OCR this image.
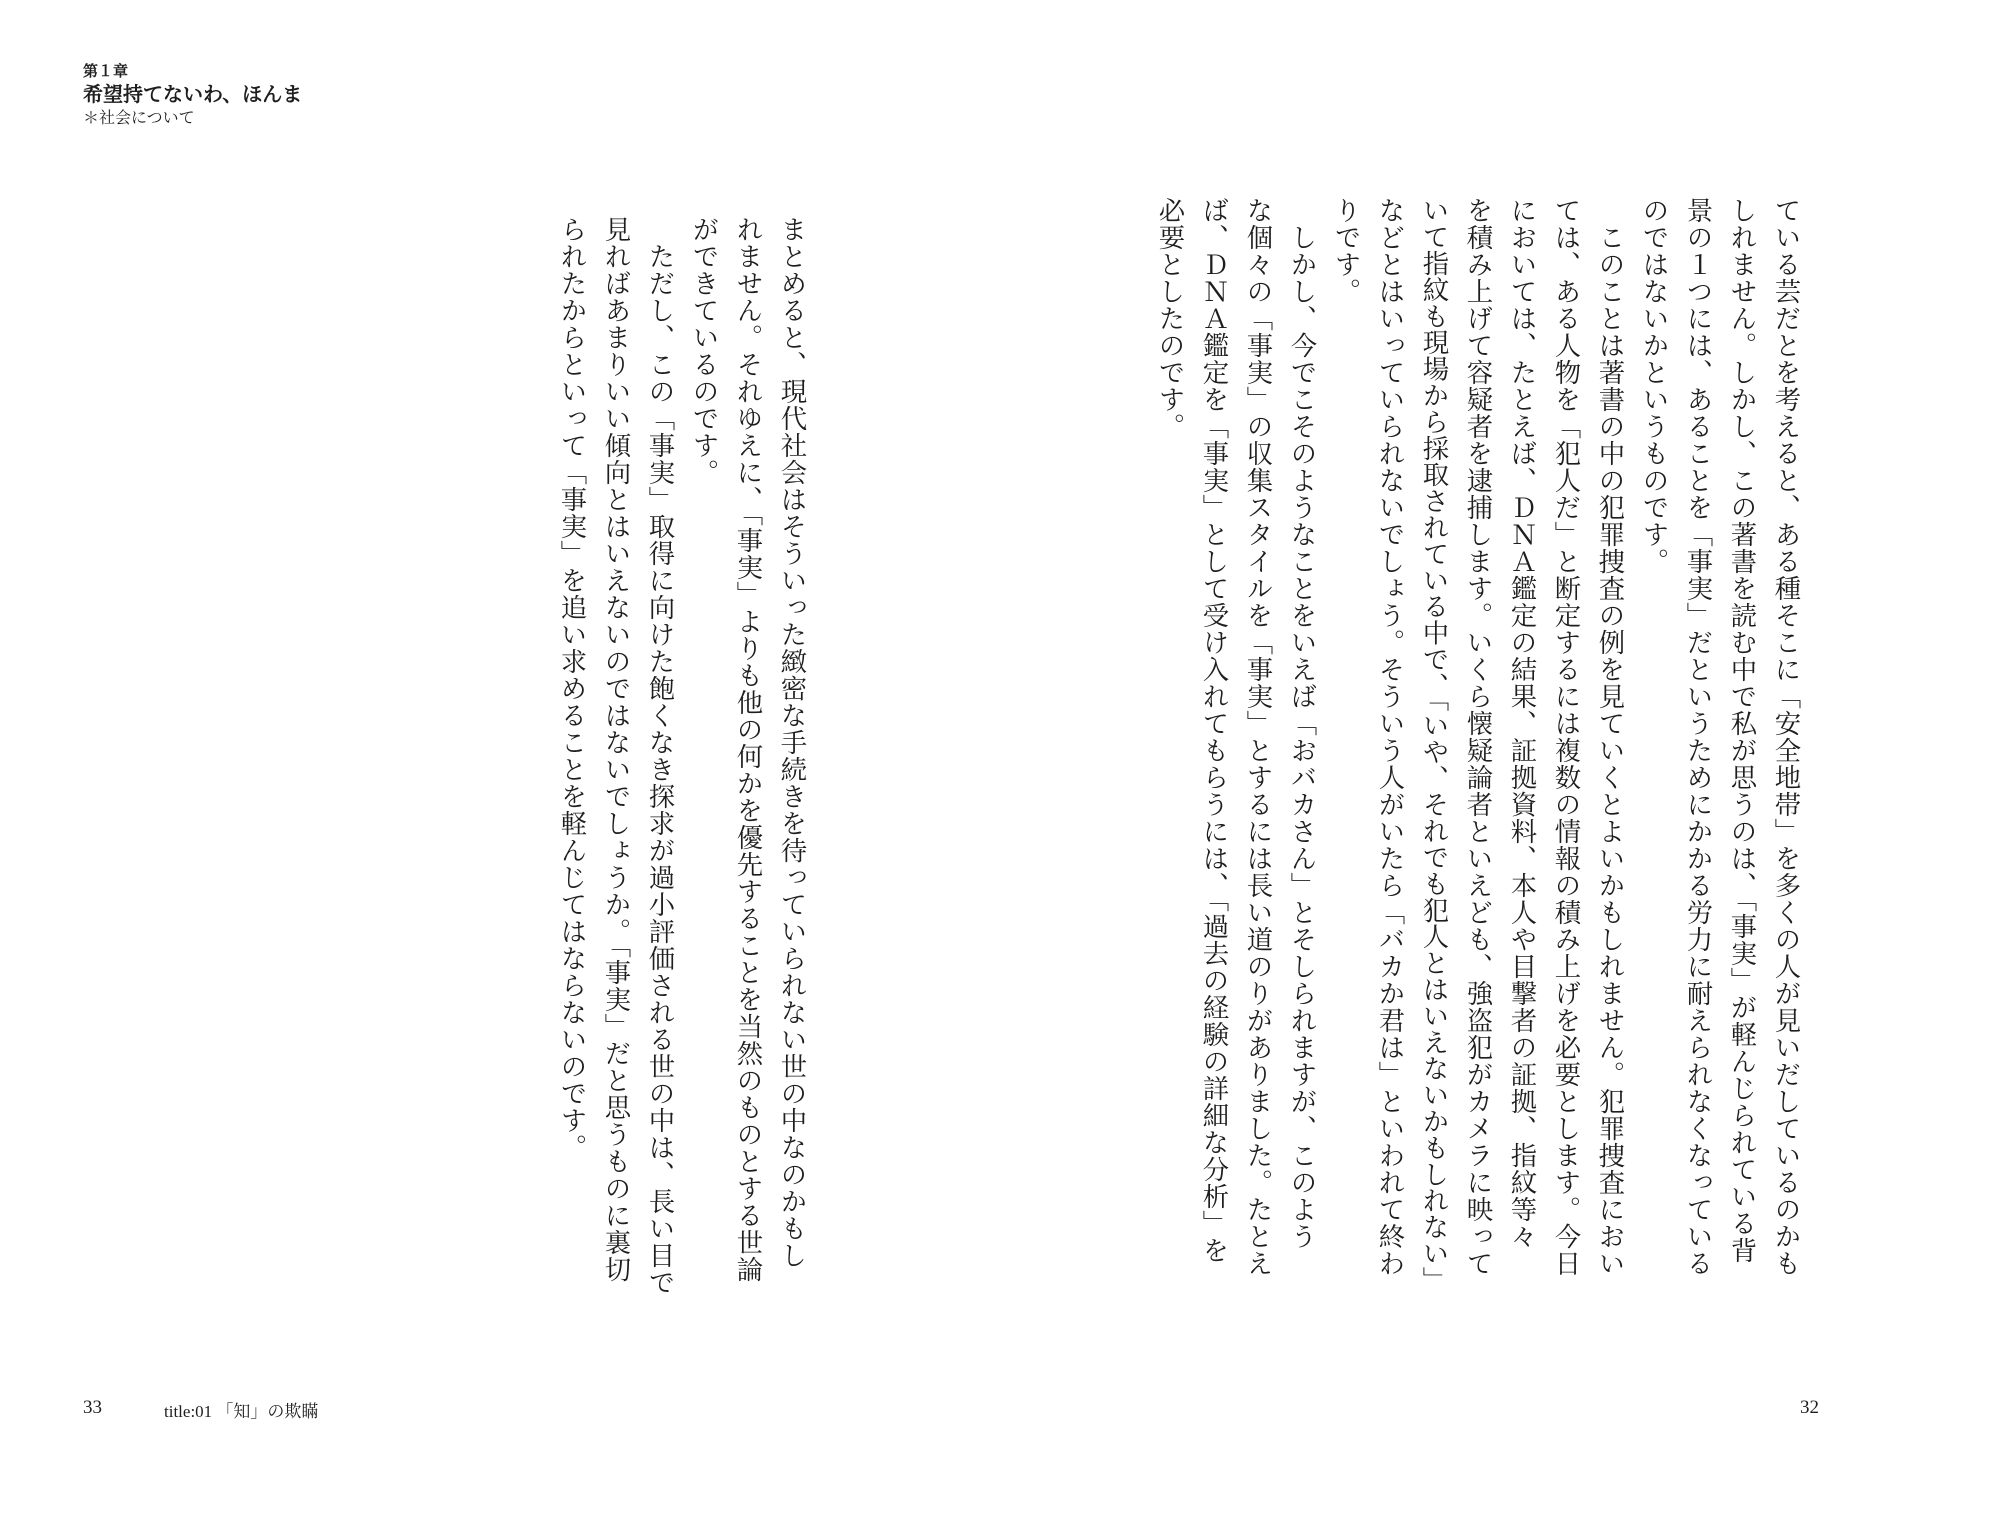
第１章
希望持てないわ、ほんま
＊社会について
ている芸だとを考えると、ある種そこに「安全地帯」を多くの人が見いだしているのかも
しれません。しかし、この著書を読む中で私が思うのは、「事実」が軽んじられている背
景の１つには、あることを「事実」だというためにかかる労力に耐えられなくなっている
のではないかというものです。
　このことは著書の中の犯罪捜査の例を見ていくとよいかもしれません。犯罪捜査におい
ては、ある人物を「犯人だ」と断定するには複数の情報の積み上げを必要とします。今日
においては、たとえば、ＤＮＡ鑑定の結果、証拠資料、本人や目撃者の証拠、指紋等々
を積み上げて容疑者を逮捕します。いくら懐疑論者といえども、強盗犯がカメラに映って
いて指紋も現場から採取されている中で、「いや、それでも犯人とはいえないかもしれない」
などとはいっていられないでしょう。そういう人がいたら「バカか君は」といわれて終わ
りです。
　しかし、今でこそのようなことをいえば「おバカさん」とそしられますが、このよう
な個々の「事実」の収集スタイルを「事実」とするには長い道のりがありました。たとえ
ば、ＤＮＡ鑑定を「事実」として受け入れてもらうには、「過去の経験の詳細な分析」を
必要としたのです。
まとめると、現代社会はそういった緻密な手続きを待っていられない世の中なのかもし
れません。それゆえに、「事実」よりも他の何かを優先することを当然のものとする世論
ができているのです。
　ただし、この「事実」取得に向けた飽くなき探求が過小評価される世の中は、長い目で
見ればあまりいい傾向とはいえないのではないでしょうか。「事実」だと思うものに裏切
られたからといって「事実」を追い求めることを軽んじてはならないのです。
33	title:01 「知」の欺瞞	32
